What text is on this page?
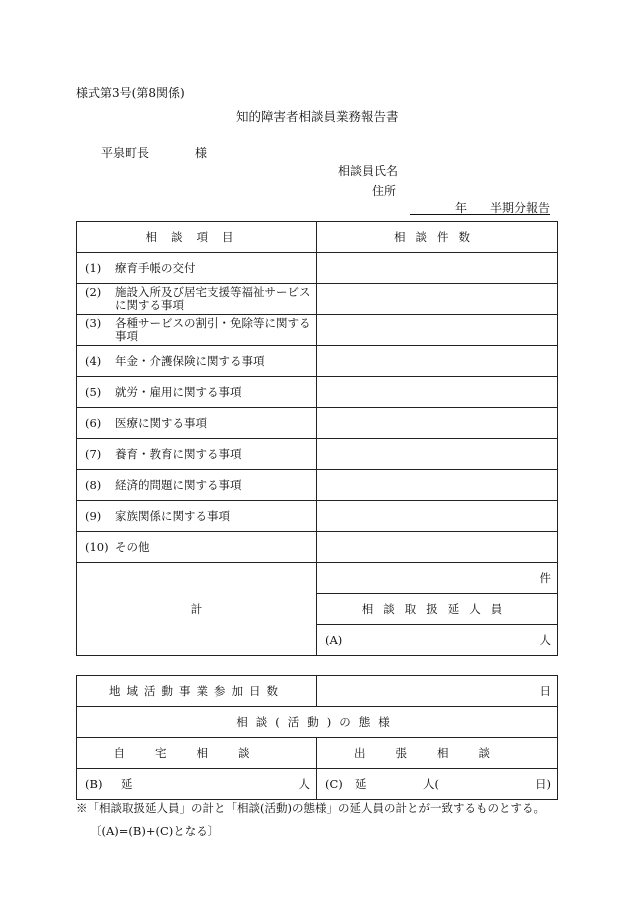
様式第3号(第8関係)
知的障害者相談員業務報告書
平泉町長	様
相談員氏名
住所
年 半期分報告
相談項目	相談件数
(1) 療育手帳の交付	
(2) 施設入所及び居宅支援等福祉サービスに関する事項	
(3) 各種サービスの割引・免除等に関する事項	
(4) 年金・介護保険に関する事項	
(5) 就労・雇用に関する事項	
(6) 医療に関する事項	
(7) 養育・教育に関する事項	
(8) 経済的問題に関する事項	
(9) 家族関係に関する事項	
(10) その他	
計	件
	相談取扱延人員

	(A) 人
地域活動事業参加日数	日
相談(活動)の態様	
自宅相談	出張相談

(B) 延 人	(C) 延 人( 日)
※「相談取扱延人員」の計と「相談(活動)の態様」の延人員の計とが一致するものとする。
〔(A)=(B)+(C)となる〕
